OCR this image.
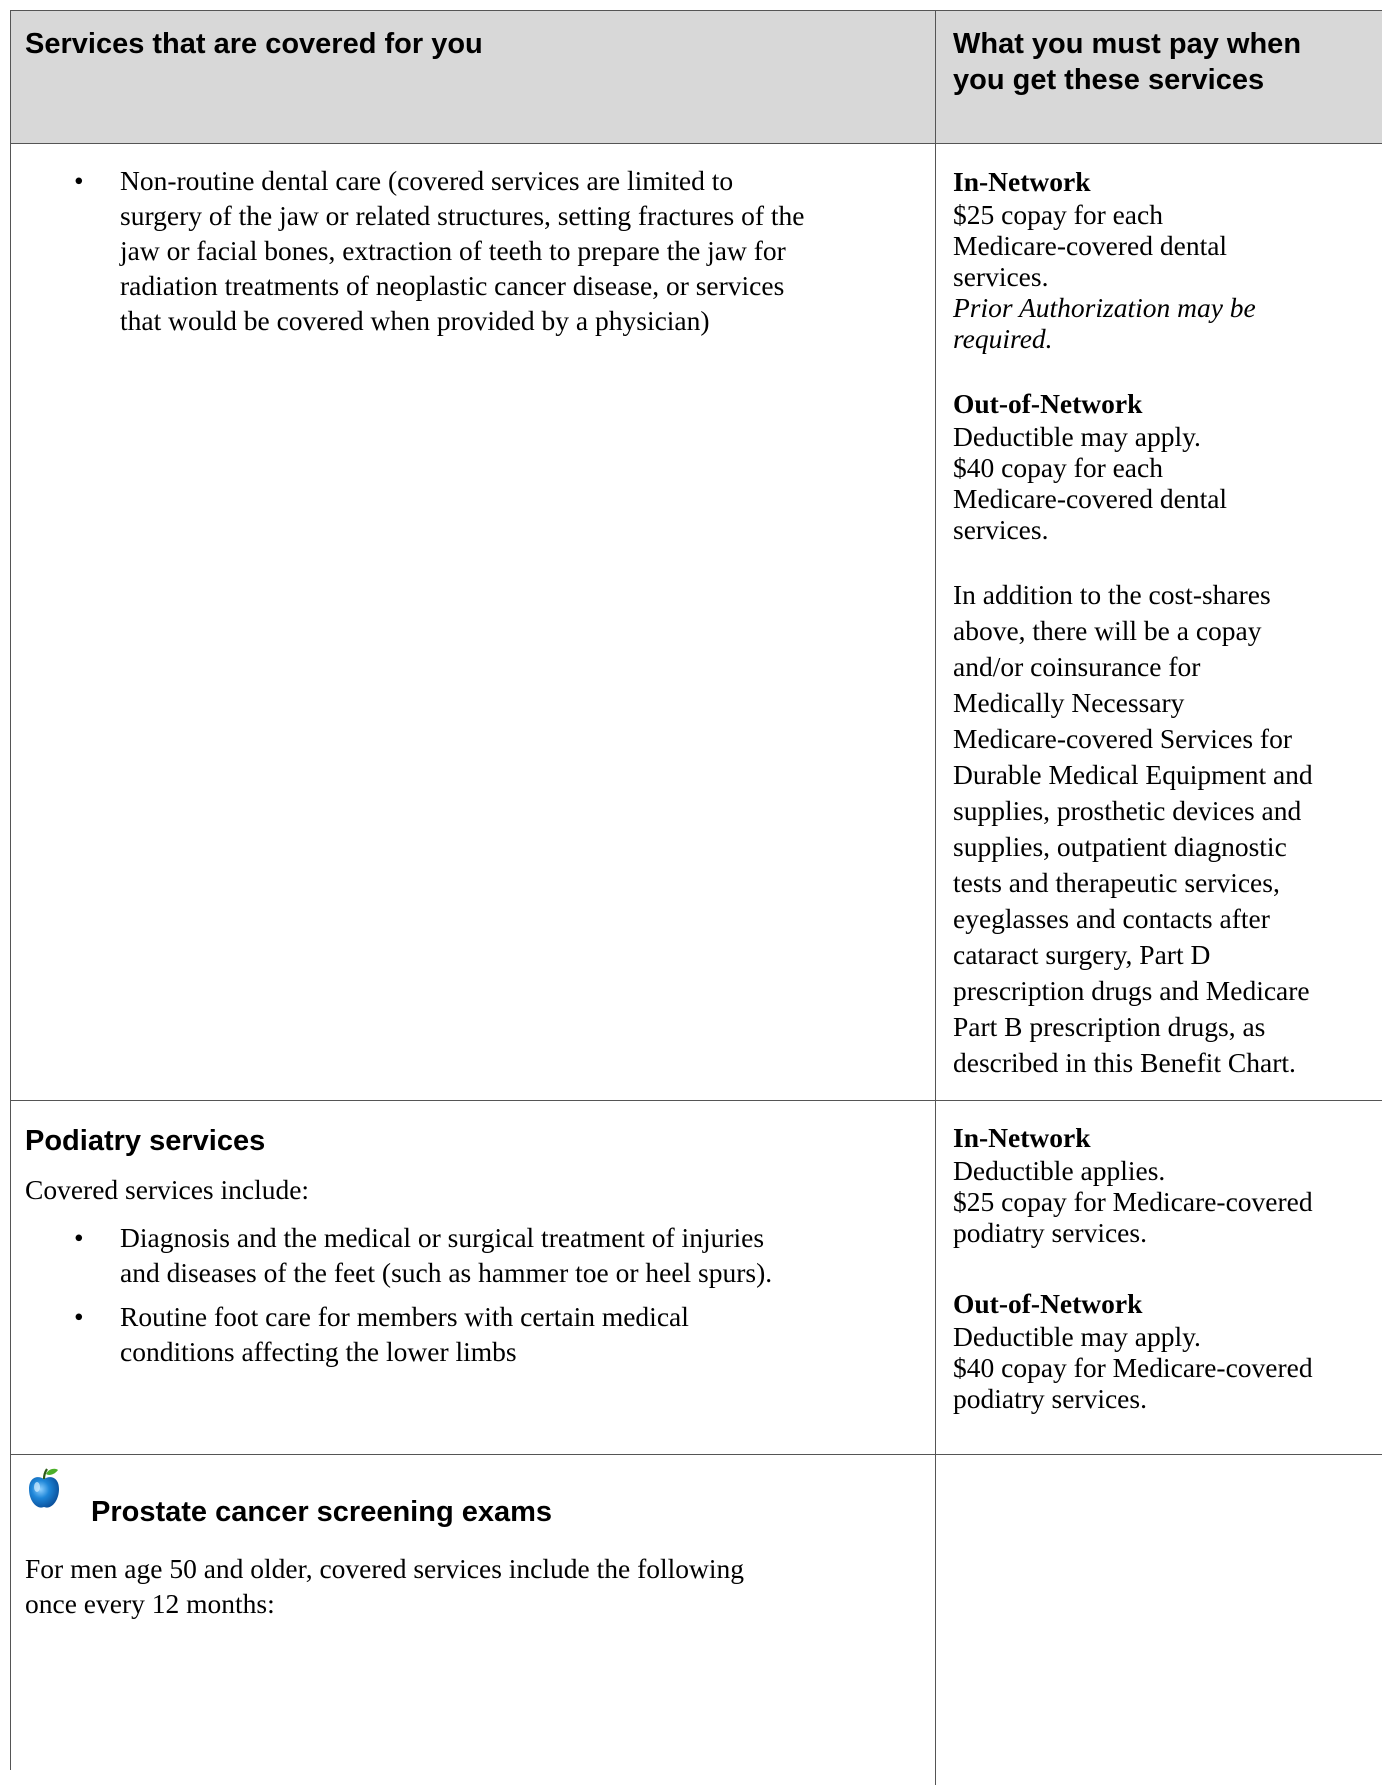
Services that are covered for you	What you must pay when
you get these services
• Non-routine dental care (covered services are limited to
surgery of the jaw or related structures, setting fractures of the
jaw or facial bones, extraction of teeth to prepare the jaw for
radiation treatments of neoplastic cancer disease, or services
that would be covered when provided by a physician)
In-Network
$25 copay for each
Medicare-covered dental
services.
Prior Authorization may be
required.
Out-of-Network
Deductible may apply.
$40 copay for each
Medicare-covered dental
services.
In addition to the cost-shares
above, there will be a copay
and/or coinsurance for
Medically Necessary
Medicare-covered Services for
Durable Medical Equipment and
supplies, prosthetic devices and
supplies, outpatient diagnostic
tests and therapeutic services,
eyeglasses and contacts after
cataract surgery, Part D
prescription drugs and Medicare
Part B prescription drugs, as
described in this Benefit Chart.
Podiatry services
Covered services include:
• Diagnosis and the medical or surgical treatment of injuries
and diseases of the feet (such as hammer toe or heel spurs).
• Routine foot care for members with certain medical
conditions affecting the lower limbs
In-Network
Deductible applies.
$25 copay for Medicare-covered
podiatry services.
Out-of-Network
Deductible may apply.
$40 copay for Medicare-covered
podiatry services.
Prostate cancer screening exams
For men age 50 and older, covered services include the following
once every 12 months:
